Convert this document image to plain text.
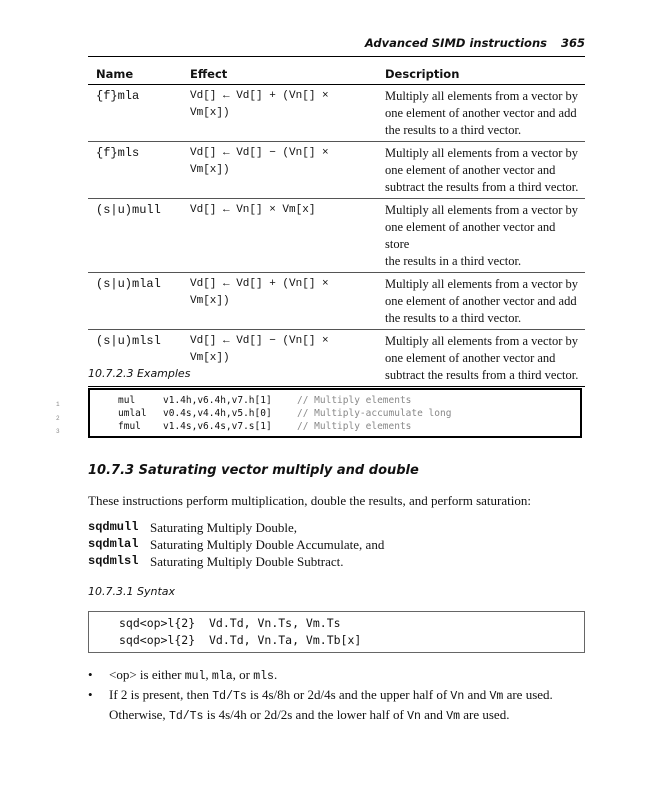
Advanced SIMD instructions 365
Name	Effect	Description
{f}mla	Vd[] ← Vd[] + (Vn[] × Vm[x])	Multiply all elements from a vector by
one element of another vector and add
the results to a third vector.
{f}mls	Vd[] ← Vd[] − (Vn[] × Vm[x])	Multiply all elements from a vector by
one element of another vector and
subtract the results from a third vector.
(s|u)mull	Vd[] ← Vn[] × Vm[x]	Multiply all elements from a vector by
one element of another vector and store
the results in a third vector.
(s|u)mlal	Vd[] ← Vd[] + (Vn[] × Vm[x])	Multiply all elements from a vector by
one element of another vector and add
the results to a third vector.
(s|u)mlsl	Vd[] ← Vd[] − (Vn[] × Vm[x])	Multiply all elements from a vector by
one element of another vector and
subtract the results from a third vector.
10.7.2.3 Examples
1
2
3
mul	v1.4h,v6.4h,v7.h[1]	// Multiply elements
umlal v0.4s,v4.4h,v5.h[0]	// Multiply-accumulate long
fmul v1.4s,v6.4s,v7.s[1]	// Multiply elements
10.7.3 Saturating vector multiply and double
These instructions perform multiplication, double the results, and perform saturation:
sqdmull Saturating Multiply Double,
sqdmlal Saturating Multiply Double Accumulate, and
sqdmlsl Saturating Multiply Double Subtract.
10.7.3.1 Syntax
sqd<op>l{2}  Vd.Td, Vn.Ts, Vm.Ts
sqd<op>l{2}  Vd.Td, Vn.Ta, Vm.Tb[x]
•	<op> is either mul, mla, or mls.
•	If 2 is present, then Td/Ts is 4s/8h or 2d/4s and the upper half of Vn and Vm are used.
Otherwise, Td/Ts is 4s/4h or 2d/2s and the lower half of Vn and Vm are used.
